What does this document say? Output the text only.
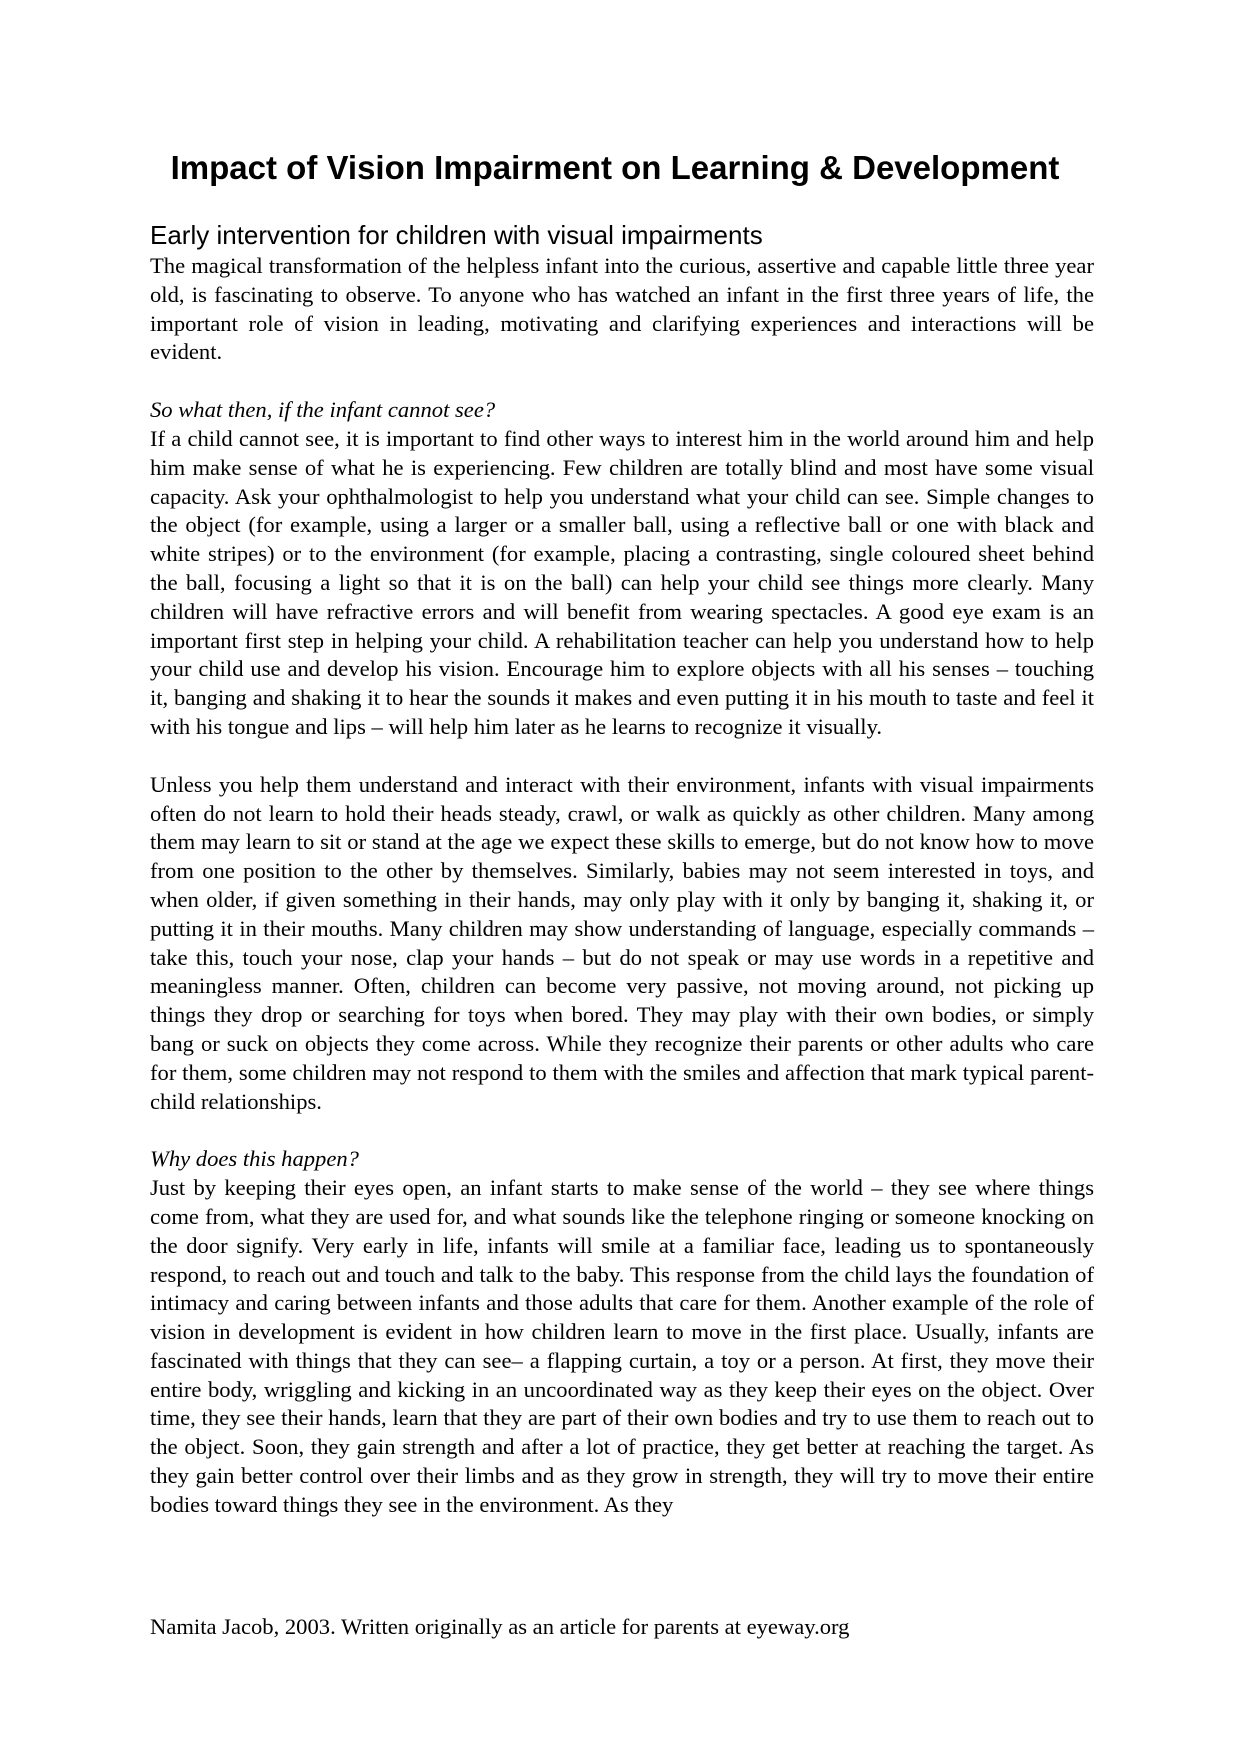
Impact of Vision Impairment on Learning & Development
Early intervention for children with visual impairments

The magical transformation of the helpless infant into the curious, assertive and capable little three year old, is fascinating to observe. To anyone who has watched an infant in the first three years of life, the important role of vision in leading, motivating and clarifying experiences and interactions will be evident.

So what then, if the infant cannot see?

If a child cannot see, it is important to find other ways to interest him in the world around him and help him make sense of what he is experiencing. Few children are totally blind and most have some visual capacity. Ask your ophthalmologist to help you understand what your child can see. Simple changes to the object (for example, using a larger or a smaller ball, using a reflective ball or one with black and white stripes) or to the environment (for example, placing a contrasting, single coloured sheet behind the ball, focusing a light so that it is on the ball) can help your child see things more clearly. Many children will have refractive errors and will benefit from wearing spectacles. A good eye exam is an important first step in helping your child. A rehabilitation teacher can help you understand how to help your child use and develop his vision. Encourage him to explore objects with all his senses – touching it, banging and shaking it to hear the sounds it makes and even putting it in his mouth to taste and feel it with his tongue and lips – will help him later as he learns to recognize it visually.

Unless you help them understand and interact with their environment, infants with visual impairments often do not learn to hold their heads steady, crawl, or walk as quickly as other children. Many among them may learn to sit or stand at the age we expect these skills to emerge, but do not know how to move from one position to the other by themselves. Similarly, babies may not seem interested in toys, and when older, if given something in their hands, may only play with it only by banging it, shaking it, or putting it in their mouths. Many children may show understanding of language, especially commands – take this, touch your nose, clap your hands – but do not speak or may use words in a repetitive and meaningless manner. Often, children can become very passive, not moving around, not picking up things they drop or searching for toys when bored. They may play with their own bodies, or simply bang or suck on objects they come across. While they recognize their parents or other adults who care for them, some children may not respond to them with the smiles and affection that mark typical parent-child relationships.

Why does this happen?

Just by keeping their eyes open, an infant starts to make sense of the world – they see where things come from, what they are used for, and what sounds like the telephone ringing or someone knocking on the door signify. Very early in life, infants will smile at a familiar face, leading us to spontaneously respond, to reach out and touch and talk to the baby. This response from the child lays the foundation of intimacy and caring between infants and those adults that care for them. Another example of the role of vision in development is evident in how children learn to move in the first place. Usually, infants are fascinated with things that they can see– a flapping curtain, a toy or a person. At first, they move their entire body, wriggling and kicking in an uncoordinated way as they keep their eyes on the object. Over time, they see their hands, learn that they are part of their own bodies and try to use them to reach out to the object. Soon, they gain strength and after a lot of practice, they get better at reaching the target. As they gain better control over their limbs and as they grow in strength, they will try to move their entire bodies toward things they see in the environment. As they

Namita Jacob, 2003. Written originally as an article for parents at eyeway.org
